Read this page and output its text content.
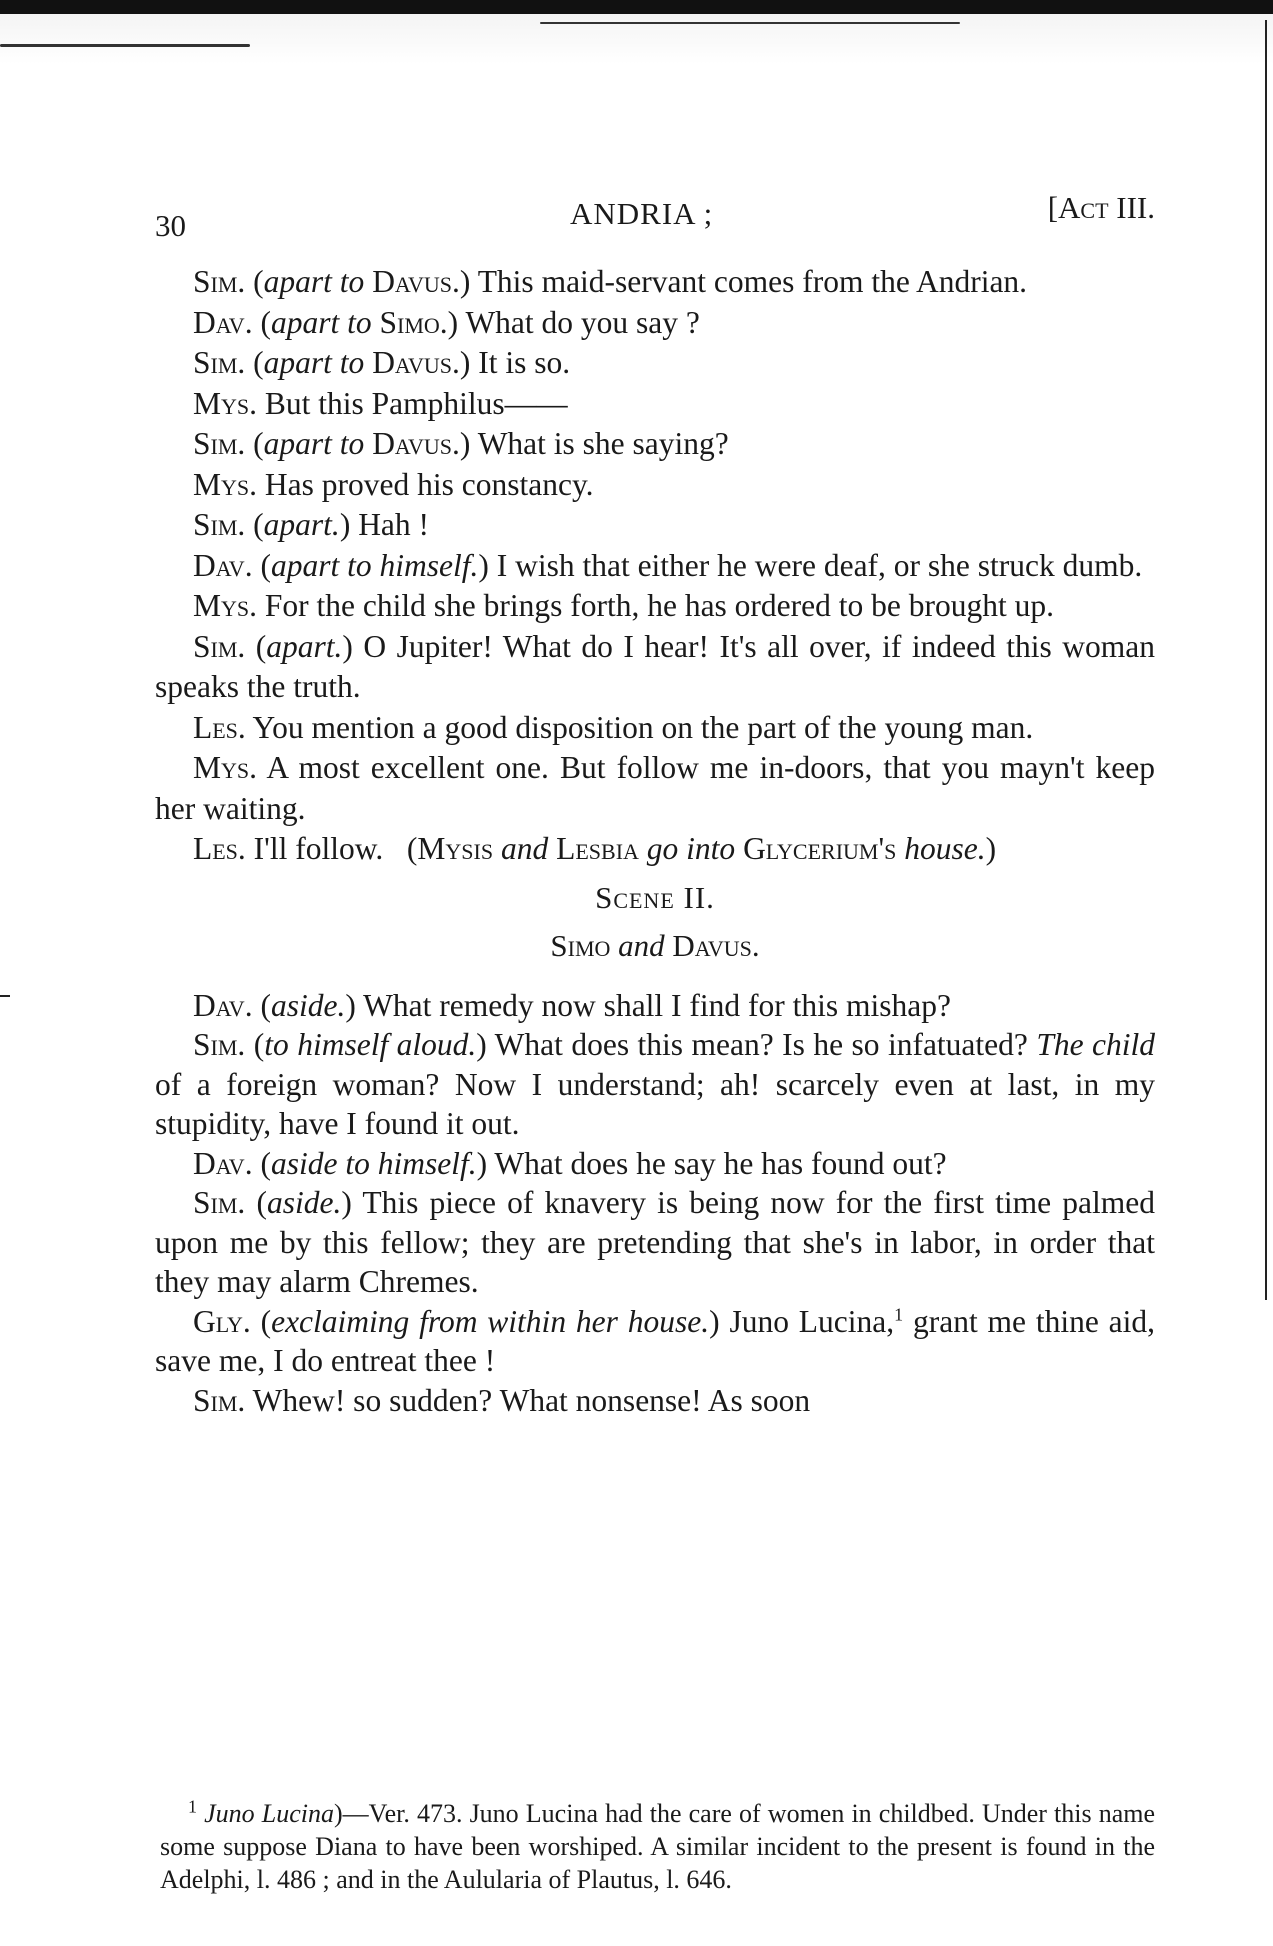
30	ANDRIA ;	[Act III.

Sim. (apart to Davus.) This maid-servant comes from the Andrian.

Dav. (apart to Simo.) What do you say ?

Sim. (apart to Davus.) It is so.

Mys. But this Pamphilus——

Sim. (apart to Davus.) What is she saying?

Mys. Has proved his constancy.

Sim. (apart.) Hah !

Dav. (apart to himself.) I wish that either he were deaf, or she struck dumb.

Mys. For the child she brings forth, he has ordered to be brought up.

Sim. (apart.) O Jupiter! What do I hear! It's all over, if indeed this woman speaks the truth.

Les. You mention a good disposition on the part of the young man.

Mys. A most excellent one. But follow me in-doors, that you mayn't keep her waiting.

Les. I'll follow. (Mysis and Lesbia go into Glycerium's house.)

Scene II.
Simo and Davus.

Dav. (aside.) What remedy now shall I find for this mishap?

Sim. (to himself aloud.) What does this mean? Is he so infatuated? The child of a foreign woman? Now I understand; ah! scarcely even at last, in my stupidity, have I found it out.

Dav. (aside to himself.) What does he say he has found out?

Sim. (aside.) This piece of knavery is being now for the first time palmed upon me by this fellow; they are pretending that she's in labor, in order that they may alarm Chremes.

Gly. (exclaiming from within her house.) Juno Lucina,$^1$ grant me thine aid, save me, I do entreat thee !

Sim. Whew! so sudden? What nonsense! As soon

$^1$ Juno Lucina)—Ver. 473. Juno Lucina had the care of women in childbed. Under this name some suppose Diana to have been worshiped. A similar incident to the present is found in the Adelphi, l. 486 ; and in the Aulularia of Plautus, l. 646.
